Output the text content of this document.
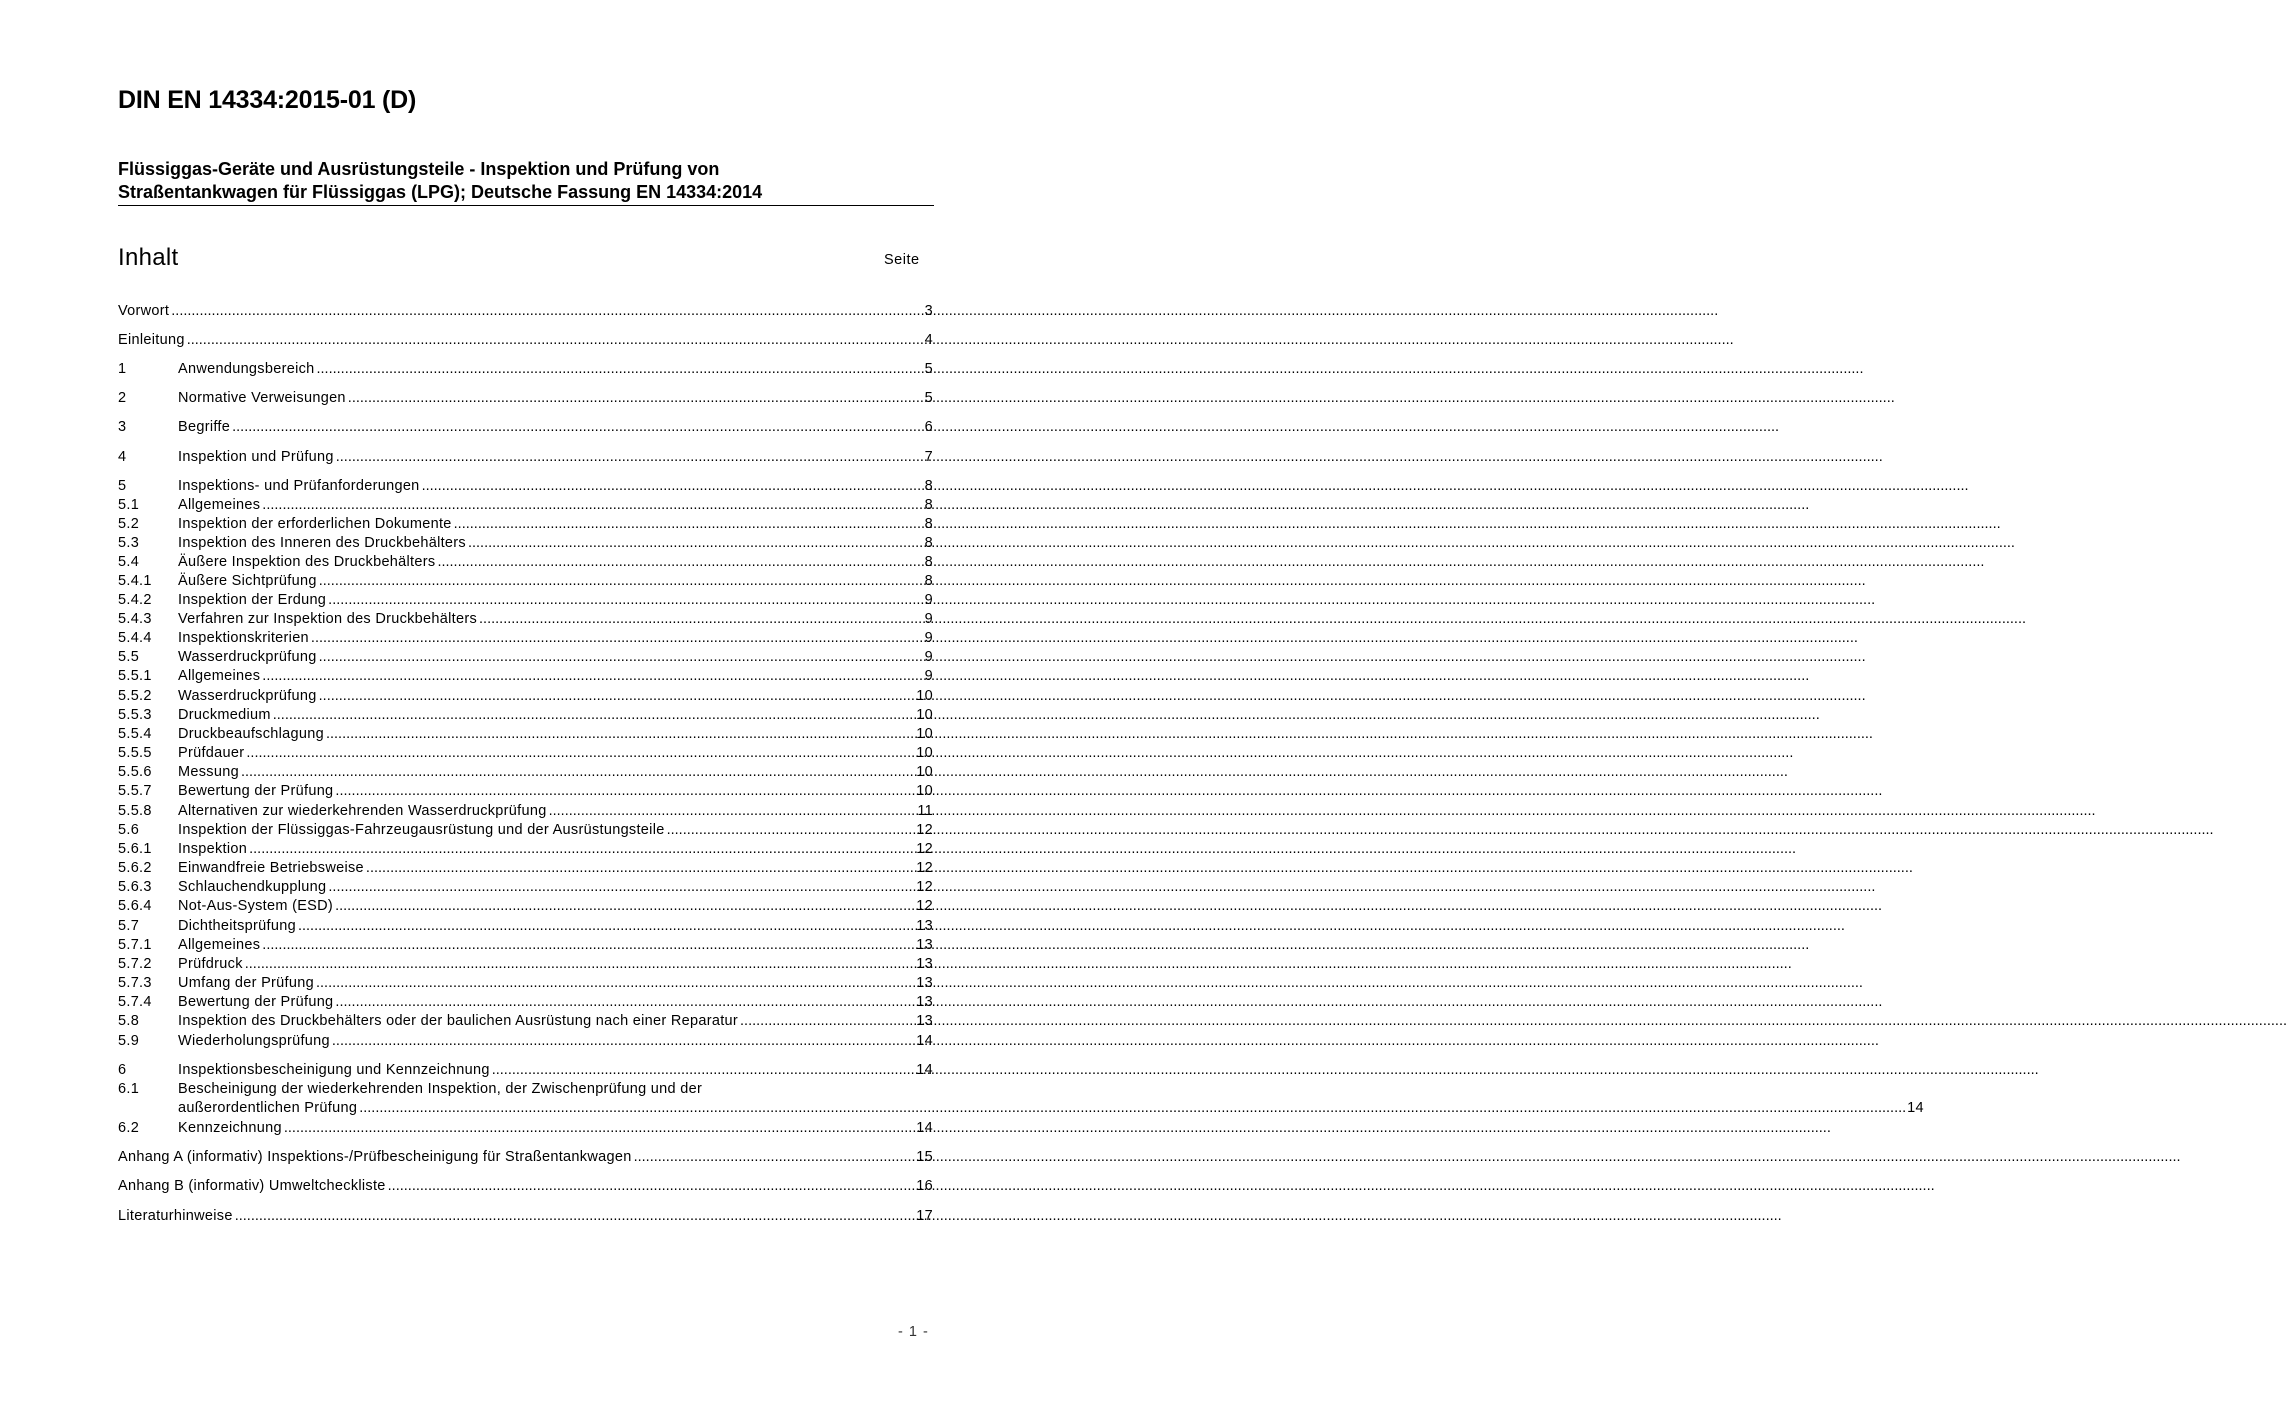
DIN EN 14334:2015-01 (D)
Flüssiggas-Geräte und Ausrüstungsteile - Inspektion und Prüfung von
Straßentankwagen für Flüssiggas (LPG); Deutsche Fassung EN 14334:2014
Inhalt	Seite
Vorwort .....	3
Einleitung .....	4
1	Anwendungsbereich .....	5
2	Normative Verweisungen .....	5
3	Begriffe .....	6
4	Inspektion und Prüfung .....	7
5	Inspektions- und Prüfanforderungen .....	8
5.1	Allgemeines .....	8
5.2	Inspektion der erforderlichen Dokumente .....	8
5.3	Inspektion des Inneren des Druckbehälters .....	8
5.4	Äußere Inspektion des Druckbehälters .....	8
5.4.1	Äußere Sichtprüfung .....	8
5.4.2	Inspektion der Erdung .....	9
5.4.3	Verfahren zur Inspektion des Druckbehälters .....	9
5.4.4	Inspektionskriterien .....	9
5.5	Wasserdruckprüfung .....	9
5.5.1	Allgemeines .....	9
5.5.2	Wasserdruckprüfung .....	10
5.5.3	Druckmedium .....	10
5.5.4	Druckbeaufschlagung .....	10
5.5.5	Prüfdauer .....	10
5.5.6	Messung .....	10
5.5.7	Bewertung der Prüfung .....	10
5.5.8	Alternativen zur wiederkehrenden Wasserdruckprüfung .....	11
5.6	Inspektion der Flüssiggas-Fahrzeugausrüstung und der Ausrüstungsteile .....	12
5.6.1	Inspektion .....	12
5.6.2	Einwandfreie Betriebsweise .....	12
5.6.3	Schlauchendkupplung .....	12
5.6.4	Not-Aus-System (ESD) .....	12
5.7	Dichtheitsprüfung .....	13
5.7.1	Allgemeines .....	13
5.7.2	Prüfdruck .....	13
5.7.3	Umfang der Prüfung .....	13
5.7.4	Bewertung der Prüfung .....	13
5.8	Inspektion des Druckbehälters oder der baulichen Ausrüstung nach einer Reparatur .....	13
5.9	Wiederholungsprüfung .....	14
6	Inspektionsbescheinigung und Kennzeichnung .....	14
6.1	Bescheinigung der wiederkehrenden Inspektion, der Zwischenprüfung und der
außerordentlichen Prüfung .....	14
6.2	Kennzeichnung .....	14
Anhang A (informativ) Inspektions-/Prüfbescheinigung für Straßentankwagen .....	15
Anhang B (informativ) Umweltcheckliste .....	16
Literaturhinweise .....	17
- 1 -
